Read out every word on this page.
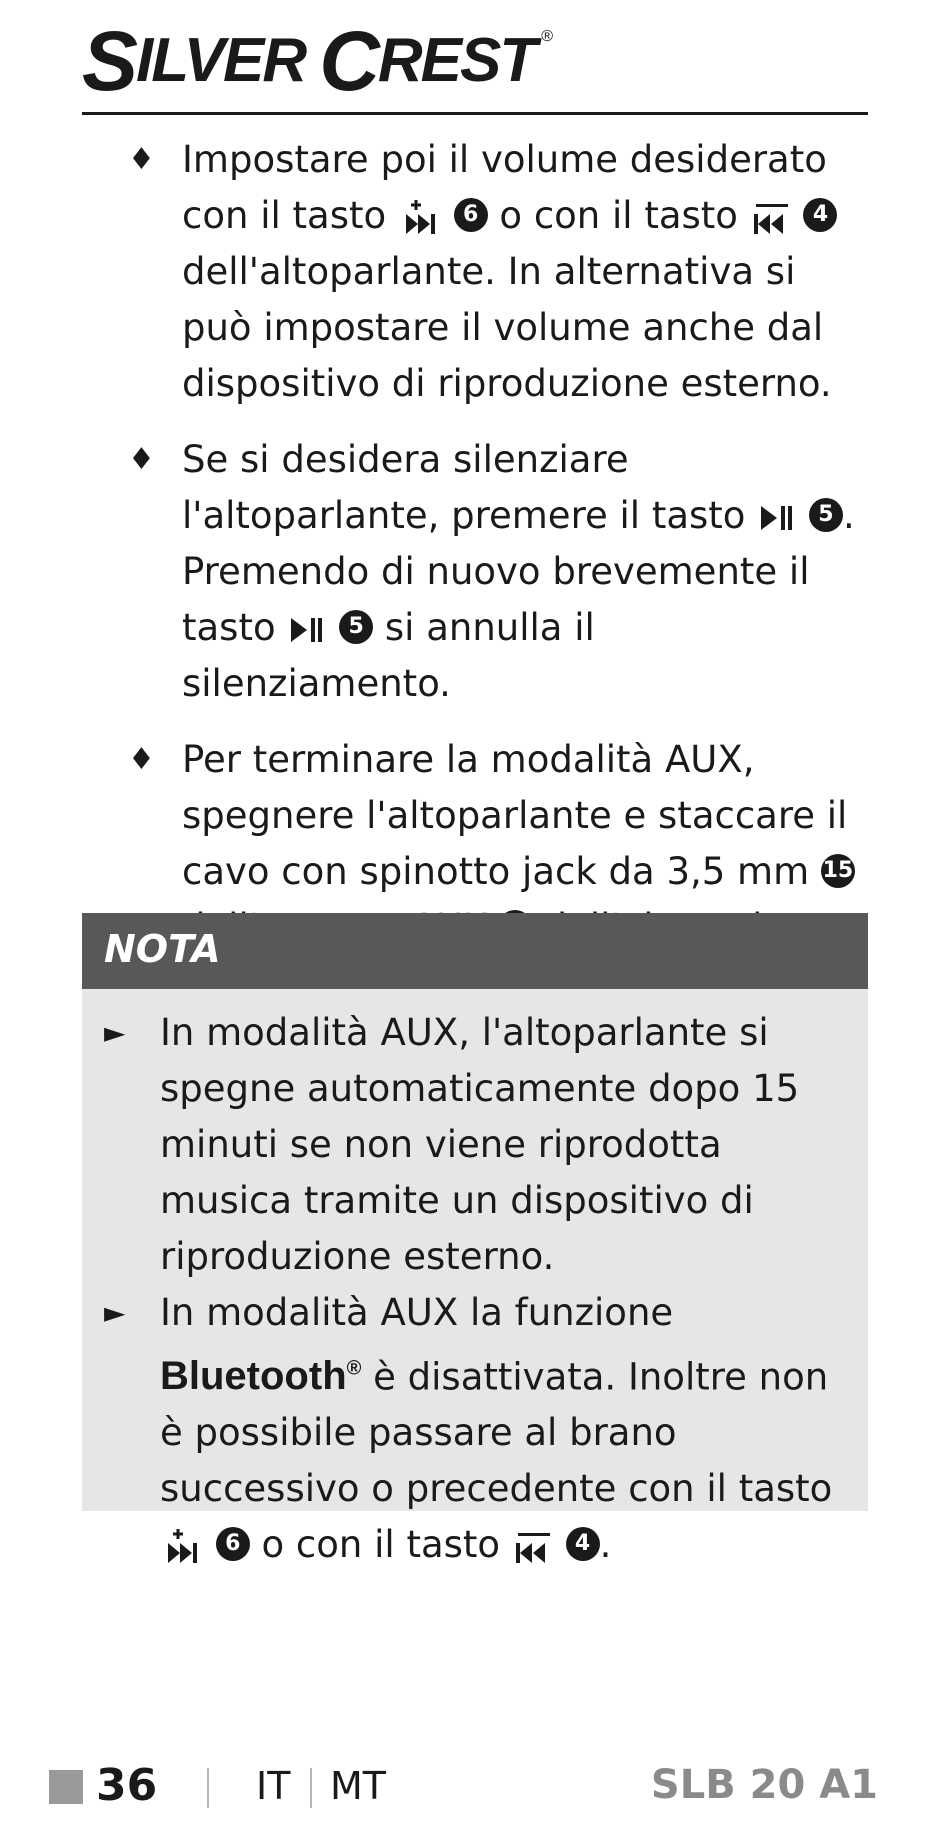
S ILVER C REST ®
♦ Impostare poi il volume desiderato con il tasto	6 o con il tasto	4 dell'altoparlante. In alternativa si può impostare il volume anche dal dispositivo di riproduzione esterno.
♦ Se si desidera silenziare l'altoparlante, premere il tasto	5 . Premendo di nuovo brevemente il tasto	5 si annulla il silenziamento.
♦ Per terminare la modalità AUX, spegnere l'altoparlante e staccare il cavo con spinotto jack da 3,5 mm 15
NOTA
► In modalità AUX, l'altoparlante si spegne automaticamente dopo 15 minuti se non viene riprodotta musica tramite un dispositivo di riproduzione esterno.
► In modalità AUX la funzione Bluetooth® è disattivata. Inoltre non è possibile passare al brano successivo o precedente con il tasto
6 o con il tasto	4 .
36	IT MT	SLB 20 A1
